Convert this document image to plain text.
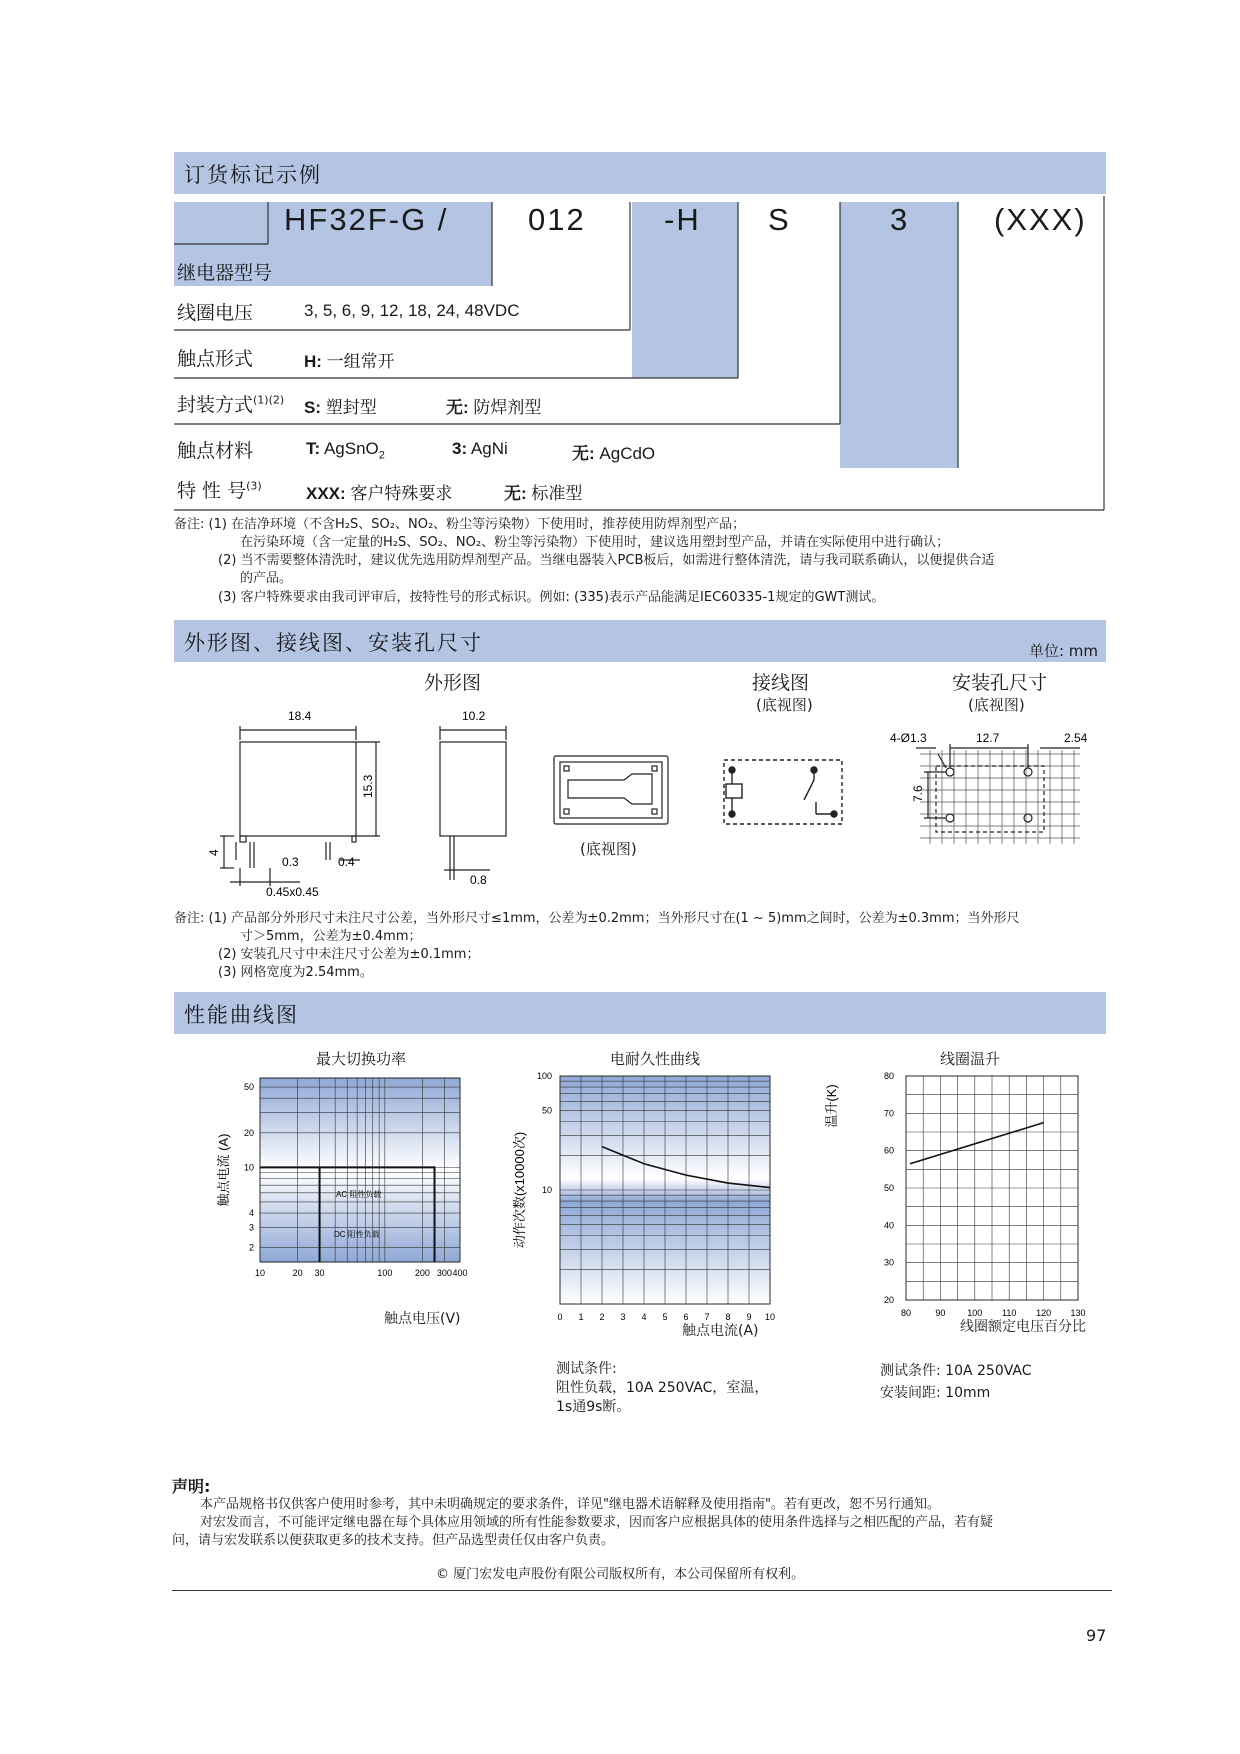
订货标记示例
HF32F-G /	012	-H S	3	(XXX)
继电器型号
线圈电压	3, 5, 6, 9, 12, 18, 24, 48VDC
触点形式	H: 一组常开
封装方式$^{(1)(2)}$ S: 塑封型	无: 防焊剂型
触点材料	T: AgSnO$_2$	3: AgNi	无: AgCdO
特 性 号$^{(3)}$	XXX: 客户特殊要求	无: 标准型
备注: (1) 在洁净环境（不含H₂S、SO₂、NO₂、粉尘等污染物）下使用时，推荐使用防焊剂型产品；
在污染环境（含一定量的H₂S、SO₂、NO₂、粉尘等污染物）下使用时，建议选用塑封型产品，并请在实际使用中进行确认；
(2) 当不需要整体清洗时，建议优先选用防焊剂型产品。当继电器装入PCB板后，如需进行整体清洗，请与我司联系确认，以便提供合适
的产品。
(3) 客户特殊要求由我司评审后，按特性号的形式标识。例如: (335)表示产品能满足IEC60335-1规定的GWT测试。
外形图、接线图、安装孔尺寸	单位: mm
外形图	接线图
(底视图)
安装孔尺寸
(底视图)
(底视图)
18.4	10.2
15.3
4
0.3	0.4
0.45x0.45
0.8
4-Ø1.3	12.7	2.54
7.6
备注: (1) 产品部分外形尺寸未注尺寸公差，当外形尺寸≤1mm，公差为±0.2mm；当外形尺寸在(1 ~ 5)mm之间时，公差为±0.3mm；当外形尺
寸＞5mm，公差为±0.4mm；
(2) 安装孔尺寸中未注尺寸公差为±0.1mm；
(3) 网格宽度为2.54mm。
性能曲线图
最大切换功率
10	20 30	100	200 300 400
2
3
4
10
20
50
AC 阻性负载
DC 阻性负载
触点电流 (A)
触点电压(V)
电耐久性曲线
0 1 2 3 4 5 6 7 8 9 10
10
50
100
动作次数(x10000次)
触点电流(A)
线圈温升
80	90 100 110 120 130
20
30
40
50
60
70
80
温升(K)
线圈额定电压百分比
测试条件:
阻性负载，10A 250VAC，室温，
1s通9s断。
测试条件: 10A 250VAC
安装间距: 10mm
声明:
本产品规格书仅供客户使用时参考，其中未明确规定的要求条件，详见"继电器术语解释及使用指南"。若有更改，恕不另行通知。
对宏发而言，不可能评定继电器在每个具体应用领域的所有性能参数要求，因而客户应根据具体的使用条件选择与之相匹配的产品，若有疑
问，请与宏发联系以便获取更多的技术支持。但产品选型责任仅由客户负责。
© 厦门宏发电声股份有限公司版权所有，本公司保留所有权利。
97
